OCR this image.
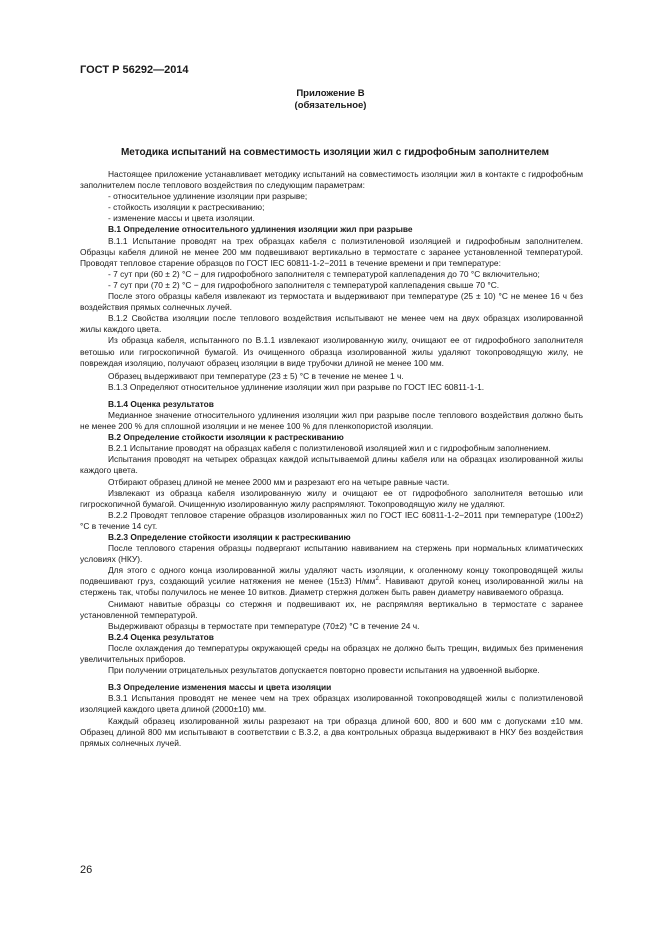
ГОСТ Р 56292—2014
Приложение В
(обязательное)
Методика испытаний на совместимость изоляции жил с гидрофобным заполнителем

Настоящее приложение устанавливает методику испытаний на совместимость изоляции жил в контакте с гидрофобным заполнителем после теплового воздействия по следующим параметрам:

- относительное удлинение изоляции при разрыве;

- стойкость изоляции к растрескиванию;

- изменение массы и цвета изоляции.

В.1 Определение относительного удлинения изоляции жил при разрыве

В.1.1 Испытание проводят на трех образцах кабеля с полиэтиленовой изоляцией и гидрофобным заполнителем. Образцы кабеля длиной не менее 200 мм подвешивают вертикально в термостате с заранее установленной температурой. Проводят тепловое старение образцов по ГОСТ IEC 60811-1-2−2011 в течение времени и при температуре:

- 7 сут при (60 ± 2) °С − для гидрофобного заполнителя с температурой каплепадения до 70 °С включительно;

- 7 сут при (70 ± 2) °С − для гидрофобного заполнителя с температурой каплепадения свыше 70 °С.

После этого образцы кабеля извлекают из термостата и выдерживают при температуре (25 ± 10) °С не менее 16 ч без воздействия прямых солнечных лучей.

В.1.2 Свойства изоляции после теплового воздействия испытывают не менее чем на двух образцах изолированной жилы каждого цвета.

Из образца кабеля, испытанного по В.1.1 извлекают изолированную жилу, очищают ее от гидрофобного заполнителя ветошью или гигроскопичной бумагой. Из очищенного образца изолированной жилы удаляют токопроводящую жилу, не повреждая изоляцию, получают образец изоляции в виде трубочки длиной не менее 100 мм.

Образец выдерживают при температуре (23 ± 5) °С в течение не менее 1 ч.

В.1.3 Определяют относительное удлинение изоляции жил при разрыве по ГОСТ IEC 60811-1-1.

В.1.4 Оценка результатов

Медианное значение относительного удлинения изоляции жил при разрыве после теплового воздействия должно быть не менее 200 % для сплошной изоляции и не менее 100 % для пленкопористой изоляции.

В.2 Определение стойкости изоляции к растрескиванию

В.2.1 Испытание проводят на образцах кабеля с полиэтиленовой изоляцией жил и с гидрофобным заполнением.

Испытания проводят на четырех образцах каждой испытываемой длины кабеля или на образцах изолированной жилы каждого цвета.

Отбирают образец длиной не менее 2000 мм и разрезают его на четыре равные части.

Извлекают из образца кабеля изолированную жилу и очищают ее от гидрофобного заполнителя ветошью или гигроскопичной бумагой. Очищенную изолированную жилу распрямляют. Токопроводящую жилу не удаляют.

В.2.2 Проводят тепловое старение образцов изолированных жил по ГОСТ IEC 60811-1-2−2011 при температуре (100±2) °С в течение 14 сут.

В.2.3 Определение стойкости изоляции к растрескиванию

После теплового старения образцы подвергают испытанию навиванием на стержень при нормальных климатических условиях (НКУ).

Для этого с одного конца изолированной жилы удаляют часть изоляции, к оголенному концу токопроводящей жилы подвешивают груз, создающий усилие натяжения не менее (15±3) $Н/мм^2$. Навивают другой конец изолированной жилы на стержень так, чтобы получилось не менее 10 витков. Диаметр стержня должен быть равен диаметру навиваемого образца.

Снимают навитые образцы со стержня и подвешивают их, не распрямляя вертикально в термостате с заранее установленной температурой.

Выдерживают образцы в термостате при температуре (70±2) °С в течение 24 ч.

В.2.4 Оценка результатов

После охлаждения до температуры окружающей среды на образцах не должно быть трещин, видимых без применения увеличительных приборов.

При получении отрицательных результатов допускается повторно провести испытания на удвоенной выборке.

В.3 Определение изменения массы и цвета изоляции

В.3.1 Испытания проводят не менее чем на трех образцах изолированной токопроводящей жилы с полиэтиленовой изоляцией каждого цвета длиной (2000±10) мм.

Каждый образец изолированной жилы разрезают на три образца длиной 600, 800 и 600 мм с допусками ±10 мм. Образец длиной 800 мм испытывают в соответствии с В.3.2, а два контрольных образца выдерживают в НКУ без воздействия прямых солнечных лучей.

26
